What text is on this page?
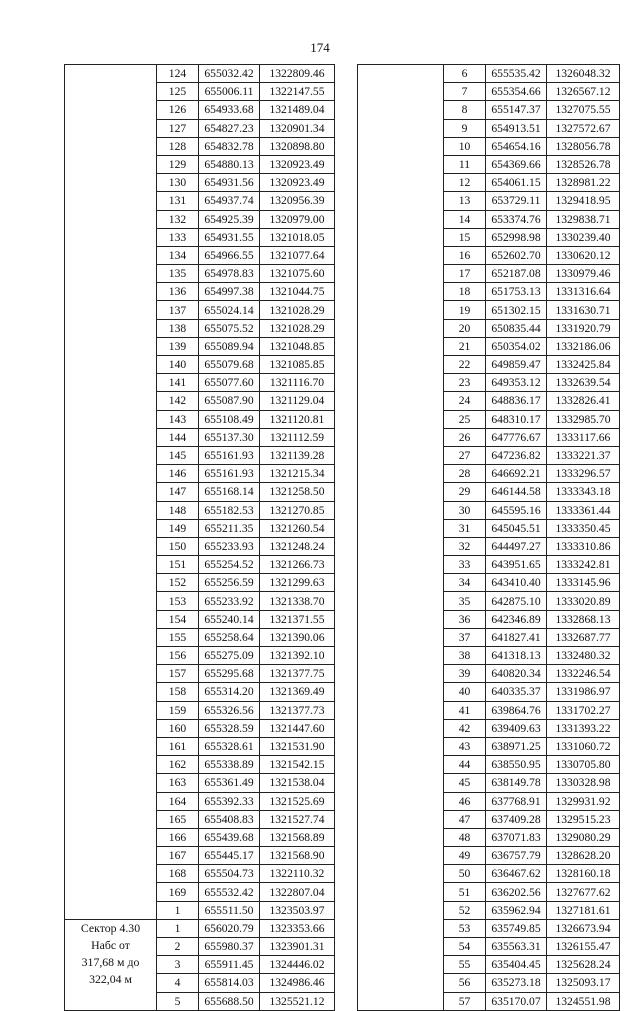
174
	124	655032.42	1322809.46
	125	655006.11	1322147.55
	126	654933.68	1321489.04
	127	654827.23	1320901.34
	128	654832.78	1320898.80
	129	654880.13	1320923.49
	130	654931.56	1320923.49
	131	654937.74	1320956.39
	132	654925.39	1320979.00
	133	654931.55	1321018.05
	134	654966.55	1321077.64
	135	654978.83	1321075.60
	136	654997.38	1321044.75
	137	655024.14	1321028.29
	138	655075.52	1321028.29
	139	655089.94	1321048.85
	140	655079.68	1321085.85
	141	655077.60	1321116.70
	142	655087.90	1321129.04
	143	655108.49	1321120.81
	144	655137.30	1321112.59
	145	655161.93	1321139.28
	146	655161.93	1321215.34
	147	655168.14	1321258.50
	148	655182.53	1321270.85
	149	655211.35	1321260.54
	150	655233.93	1321248.24
	151	655254.52	1321266.73
	152	655256.59	1321299.63
	153	655233.92	1321338.70
	154	655240.14	1321371.55
	155	655258.64	1321390.06
	156	655275.09	1321392.10
	157	655295.68	1321377.75
	158	655314.20	1321369.49
	159	655326.56	1321377.73
	160	655328.59	1321447.60
	161	655328.61	1321531.90
	162	655338.89	1321542.15
	163	655361.49	1321538.04
	164	655392.33	1321525.69
	165	655408.83	1321527.74
	166	655439.68	1321568.89
	167	655445.17	1321568.90
	168	655504.73	1322110.32
	169	655532.42	1322807.04
	1	655511.50	1323503.97

Сектор 4.30
Набс от
317,68 м до
322,04 м	1	656020.79	1323353.66
	2	655980.37	1323901.31
	3	655911.45	1324446.02
	4	655814.03	1324986.46
	5	655688.50	1325521.12
	6	655535.42	1326048.32
	7	655354.66	1326567.12
	8	655147.37	1327075.55
	9	654913.51	1327572.67
	10	654654.16	1328056.78
	11	654369.66	1328526.78
	12	654061.15	1328981.22
	13	653729.11	1329418.95
	14	653374.76	1329838.71
	15	652998.98	1330239.40
	16	652602.70	1330620.12
	17	652187.08	1330979.46
	18	651753.13	1331316.64
	19	651302.15	1331630.71
	20	650835.44	1331920.79
	21	650354.02	1332186.06
	22	649859.47	1332425.84
	23	649353.12	1332639.54
	24	648836.17	1332826.41
	25	648310.17	1332985.70
	26	647776.67	1333117.66
	27	647236.82	1333221.37
	28	646692.21	1333296.57
	29	646144.58	1333343.18
	30	645595.16	1333361.44
	31	645045.51	1333350.45
	32	644497.27	1333310.86
	33	643951.65	1333242.81
	34	643410.40	1333145.96
	35	642875.10	1333020.89
	36	642346.89	1332868.13
	37	641827.41	1332687.77
	38	641318.13	1332480.32
	39	640820.34	1332246.54
	40	640335.37	1331986.97
	41	639864.76	1331702.27
	42	639409.63	1331393.22
	43	638971.25	1331060.72
	44	638550.95	1330705.80
	45	638149.78	1330328.98
	46	637768.91	1329931.92
	47	637409.28	1329515.23
	48	637071.83	1329080.29
	49	636757.79	1328628.20
	50	636467.62	1328160.18
	51	636202.56	1327677.62
	52	635962.94	1327181.61
	53	635749.85	1326673.94
	54	635563.31	1326155.47
	55	635404.45	1325628.24
	56	635273.18	1325093.17
	57	635170.07	1324551.98
